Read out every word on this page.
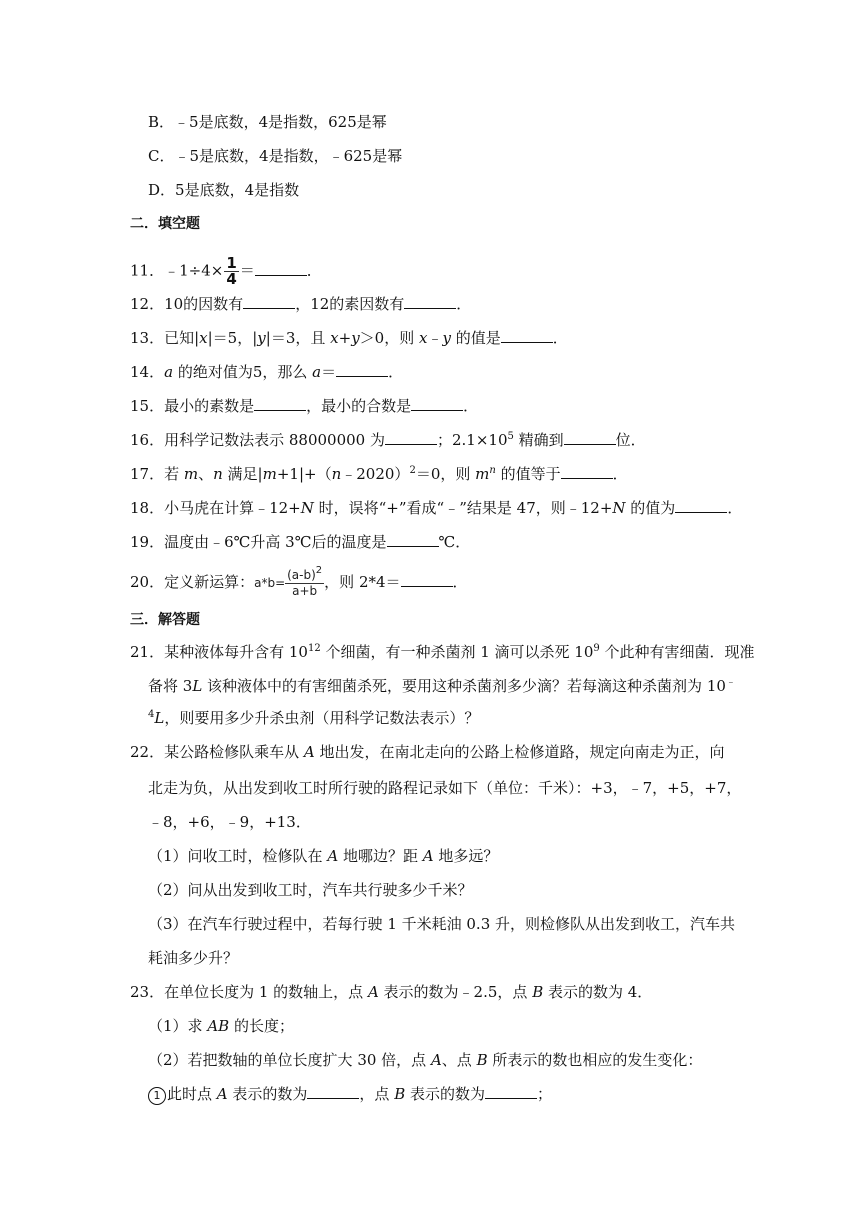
B．﹣5是底数，4是指数，625是幂
C．﹣5是底数，4是指数，﹣625是幂
D．5是底数，4是指数
二．填空题
11．﹣1÷4× $\frac{1}{4}$ ＝	．
12．10的因数有	，12的素因数有	．
13．已知|x|＝5，|y|＝3，且 x+y＞0，则 x﹣y 的值是	．
14．a 的绝对值为5，那么 a＝	．
15．最小的素数是	，最小的合数是	．
16．用科学记数法表示 88000000 为	；$2.1\times 10^5$ 精确到	位．
17．若 m、n 满足|m+1|+（n﹣2020）$^2$＝0，则 $m^n$ 的值等于	．
18．小马虎在计算﹣12+N 时，误将“+”看成“﹣”结果是 47，则﹣12+N 的值为	．
19．温度由﹣6℃升高 3℃后的温度是	℃．
20．定义新运算：$a*b= \frac{(a-b)^2}{a+b}$ ，则 2*4＝	．
三．解答题
21．某种液体每升含有 $10^{12}$ 个细菌，有一种杀菌剂 1 滴可以杀死 $10^9$ 个此种有害细菌．现准
备将 3L 该种液体中的有害细菌杀死，要用这种杀菌剂多少滴？若每滴这种杀菌剂为 10﹣
$^4$L，则要用多少升杀虫剂（用科学记数法表示）？
22．某公路检修队乘车从 A 地出发，在南北走向的公路上检修道路，规定向南走为正，向
北走为负，从出发到收工时所行驶的路程记录如下（单位：千米）：+3，﹣7，+5，+7，
﹣8，+6，﹣9，+13．
（1）问收工时，检修队在 A 地哪边？距 A 地多远？
（2）问从出发到收工时，汽车共行驶多少千米？
（3）在汽车行驶过程中，若每行驶 1 千米耗油 0.3 升，则检修队从出发到收工，汽车共
耗油多少升？
23．在单位长度为 1 的数轴上，点 A 表示的数为﹣2.5，点 B 表示的数为 4．
（1）求 AB 的长度；
（2）若把数轴的单位长度扩大 30 倍，点 A、点 B 所表示的数也相应的发生变化：
1 此时点 A 表示的数为	，点 B 表示的数为	；
